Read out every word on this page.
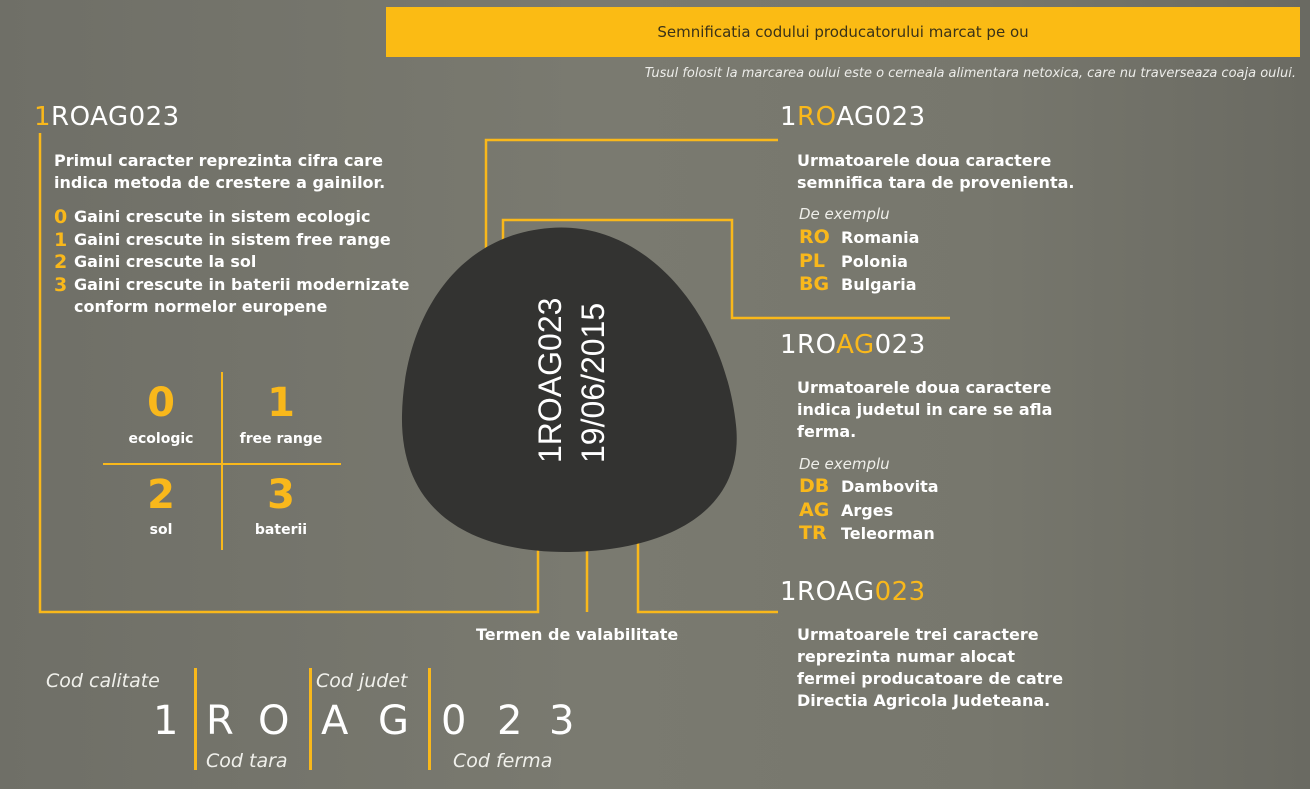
Semnificatia codului producatorului marcat pe ou
Tusul folosit la marcarea oului este o cerneala alimentara netoxica, care nu traverseaza coaja oului.
1ROAG023 19/06/2015
Termen de valabilitate
1ROAG023
Primul caracter reprezinta cifra care
indica metoda de crestere a gainilor.
0 Gaini crescute in sistem ecologic
1 Gaini crescute in sistem free range
2 Gaini crescute la sol
3 Gaini crescute in baterii modernizate
conform normelor europene
0
ecologic
1
free range
2
sol
3
baterii
1ROAG023
Urmatoarele doua caractere
semnifica tara de provenienta.
De exemplu
RO Romania
PL Polonia
BG Bulgaria
1ROAG023
Urmatoarele doua caractere
indica judetul in care se afla
ferma.
De exemplu
DB Dambovita
AG Arges
TR Teleorman
1ROAG023
Urmatoarele trei caractere
reprezinta numar alocat
fermei producatoare de catre
Directia Agricola Judeteana.
Cod calitate
Cod tara
Cod judet
Cod ferma
1 R O A G 0 2 3
